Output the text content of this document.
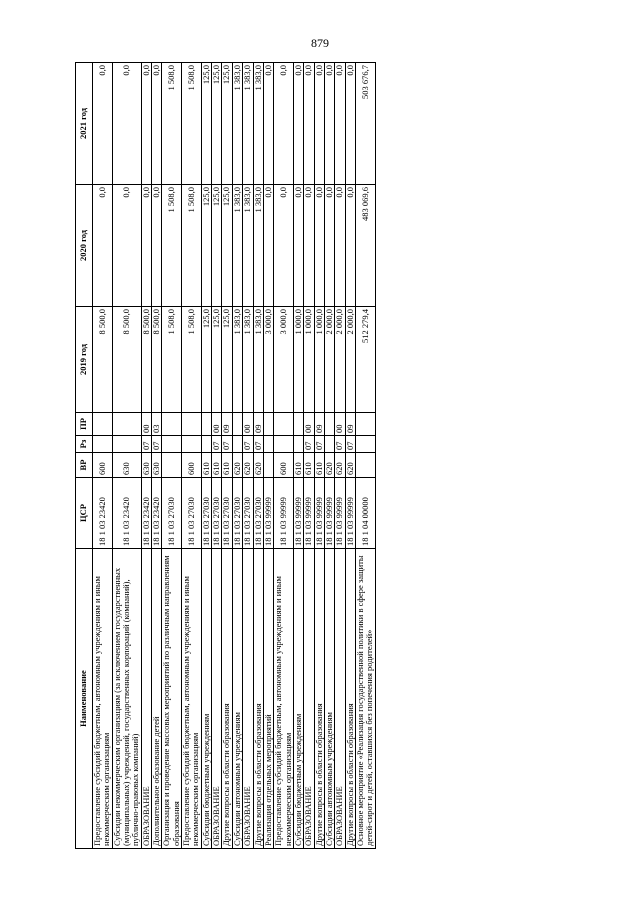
879
Наименование	ЦСР	ВР	Рз	ПР	2019 год	2020 год	2021 год
Предоставление субсидий бюджетным, автономным учреждениям и иным некоммерческим организациям	18 1 03 23420	600			8 500,0	0,0	0,0
Субсидии некоммерческим организациям (за исключением государственных (муниципальных) учреждений, государственных корпораций (компаний), публично-правовых компаний)	18 1 03 23420	630			8 500,0	0,0	0,0
ОБРАЗОВАНИЕ	18 1 03 23420	630	07	00	8 500,0	0,0	0,0
Дополнительное образование детей	18 1 03 23420	630	07	03	8 500,0	0,0	0,0
Организация и проведение массовых мероприятий по различным направлениям образования	18 1 03 27030				1 508,0	1 508,0	1 508,0
Предоставление субсидий бюджетным, автономным учреждениям и иным некоммерческим организациям	18 1 03 27030	600			1 508,0	1 508,0	1 508,0
Субсидии бюджетным учреждениям	18 1 03 27030	610			125,0	125,0	125,0
ОБРАЗОВАНИЕ	18 1 03 27030	610	07	00	125,0	125,0	125,0
Другие вопросы в области образования	18 1 03 27030	610	07	09	125,0	125,0	125,0
Субсидии автономным учреждениям	18 1 03 27030	620			1 383,0	1 383,0	1 383,0
ОБРАЗОВАНИЕ	18 1 03 27030	620	07	00	1 383,0	1 383,0	1 383,0
Другие вопросы в области образования	18 1 03 27030	620	07	09	1 383,0	1 383,0	1 383,0
Реализация отдельных мероприятий	18 1 03 99999				3 000,0	0,0	0,0
Предоставление субсидий бюджетным, автономным учреждениям и иным некоммерческим организациям	18 1 03 99999	600			3 000,0	0,0	0,0
Субсидии бюджетным учреждениям	18 1 03 99999	610			1 000,0	0,0	0,0
ОБРАЗОВАНИЕ	18 1 03 99999	610	07	00	1 000,0	0,0	0,0
Другие вопросы в области образования	18 1 03 99999	610	07	09	1 000,0	0,0	0,0
Субсидии автономным учреждениям	18 1 03 99999	620			2 000,0	0,0	0,0
ОБРАЗОВАНИЕ	18 1 03 99999	620	07	00	2 000,0	0,0	0,0
Другие вопросы в области образования	18 1 03 99999	620	07	09	2 000,0	0,0	0,0
Основное мероприятие «Реализация государственной политики в сфере защиты детей-сирот и детей, оставшихся без попечения родителей»	18 1 04 00000				512 279,4	483 069,6	503 676,7
